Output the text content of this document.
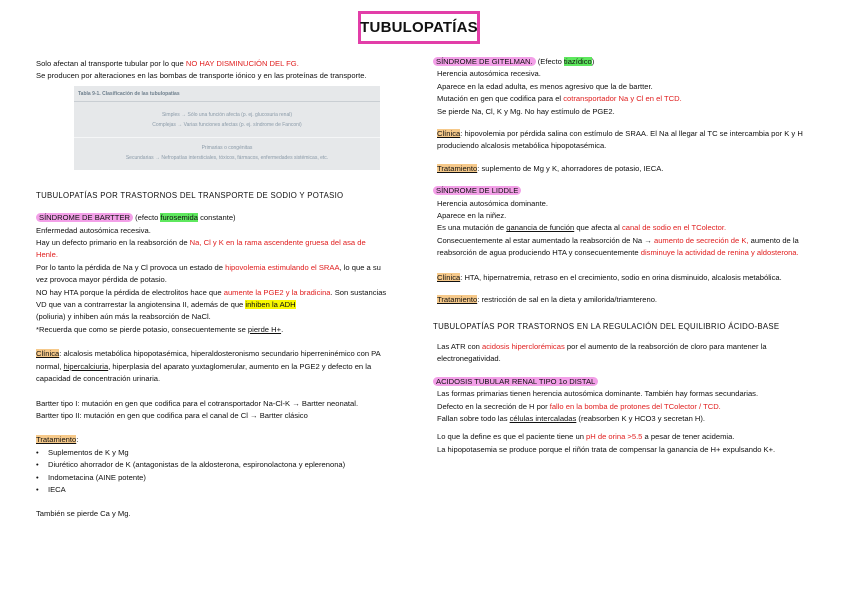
TUBULOPATÍAS

Solo afectan al transporte tubular por lo que NO HAY DISMINUCIÓN DEL FG.

Se producen por alteraciones en las bombas de transporte iónico y en las proteínas de transporte.

Tabla 9-1. Clasificación de las tubulopatías
Simples → Sólo una función afecta (p. ej. glucosuria renal)
Complejas → Varias funciones afectas (p. ej. síndrome de Fanconi)
Primarias o congénitas
Secundarias → Nefropatías intersticiales, tóxicos, fármacos, enfermedades sistémicas, etc.

TUBULOPATÍAS POR TRASTORNOS DEL TRANSPORTE DE SODIO Y POTASIO

SÍNDROME DE BARTTER (efecto furosemida constante)

Enfermedad autosómica recesiva.

Hay un defecto primario en la reabsorción de Na, Cl y K en la rama ascendente gruesa del asa de Henle.

Por lo tanto la pérdida de Na y Cl provoca un estado de hipovolemia estimulando el SRAA, lo que a su vez provoca mayor pérdida de potasio.

NO hay HTA porque la pérdida de electrolitos hace que aumente la PGE2 y la bradicina. Son sustancias VD que van a contrarrestar la angiotensina II, además de que inhiben la ADH

(poliuria) y inhiben aún más la reabsorción de NaCl.

*Recuerda que como se pierde potasio, consecuentemente se pierde H+.

Clínica: alcalosis metabólica hipopotasémica, hiperaldosteronismo secundario hiperreninémico con PA normal, hipercalciuria, hiperplasia del aparato yuxtaglomerular, aumento en la PGE2 y defecto en la capacidad de concentración urinaria.

Bartter tipo I: mutación en gen que codifica para el cotransportador Na-Cl-K → Bartter neonatal.

Bartter tipo II: mutación en gen que codifica para el canal de Cl → Bartter clásico

Tratamiento:

• Suplementos de K y Mg
• Diurético ahorrador de K (antagonistas de la aldosterona, espironolactona y eplerenona)
• Indometacina (AINE potente)
• IECA

También se pierde Ca y Mg.

SÍNDROME DE GITELMAN. (Efecto tiazídico)

Herencia autosómica recesiva.

Aparece en la edad adulta, es menos agresivo que la de bartter.

Mutación en gen que codifica para el cotransportador Na y Cl en el TCD.

Se pierde Na, Cl, K y Mg. No hay estímulo de PGE2.

Clínica: hipovolemia por pérdida salina con estímulo de SRAA. El Na al llegar al TC se intercambia por K y H produciendo alcalosis metabólica hipopotasémica.

Tratamiento: suplemento de Mg y K, ahorradores de potasio, IECA.

SÍNDROME DE LIDDLE

Herencia autosómica dominante.

Aparece en la niñez.

Es una mutación de ganancia de función que afecta al canal de sodio en el TColector.

Consecuentemente al estar aumentado la reabsorción de Na → aumento de secreción de K, aumento de la reabsorción de agua produciendo HTA y consecuentemente disminuye la actividad de renina y aldosterona.

Clínica: HTA, hipernatremia, retraso en el crecimiento, sodio en orina disminuido, alcalosis metabólica.

Tratamiento: restricción de sal en la dieta y amilorida/triamtereno.

TUBULOPATÍAS POR TRASTORNOS EN LA REGULACIÓN DEL EQUILIBRIO ÁCIDO-BASE

Las ATR con acidosis hiperclorémicas por el aumento de la reabsorción de cloro para mantener la electronegatividad.

ACIDOSIS TUBULAR RENAL TIPO 1o DISTAL

Las formas primarias tienen herencia autosómica dominante. También hay formas secundarias.

Defecto en la secreción de H por fallo en la bomba de protones del TColector / TCD.

Fallan sobre todo las células intercaladas (reabsorben K y HCO3 y secretan H).

Lo que la define es que el paciente tiene un pH de orina >5.5 a pesar de tener acidemia.

La hipopotasemia se produce porque el riñón trata de compensar la ganancia de H+ expulsando K+.
